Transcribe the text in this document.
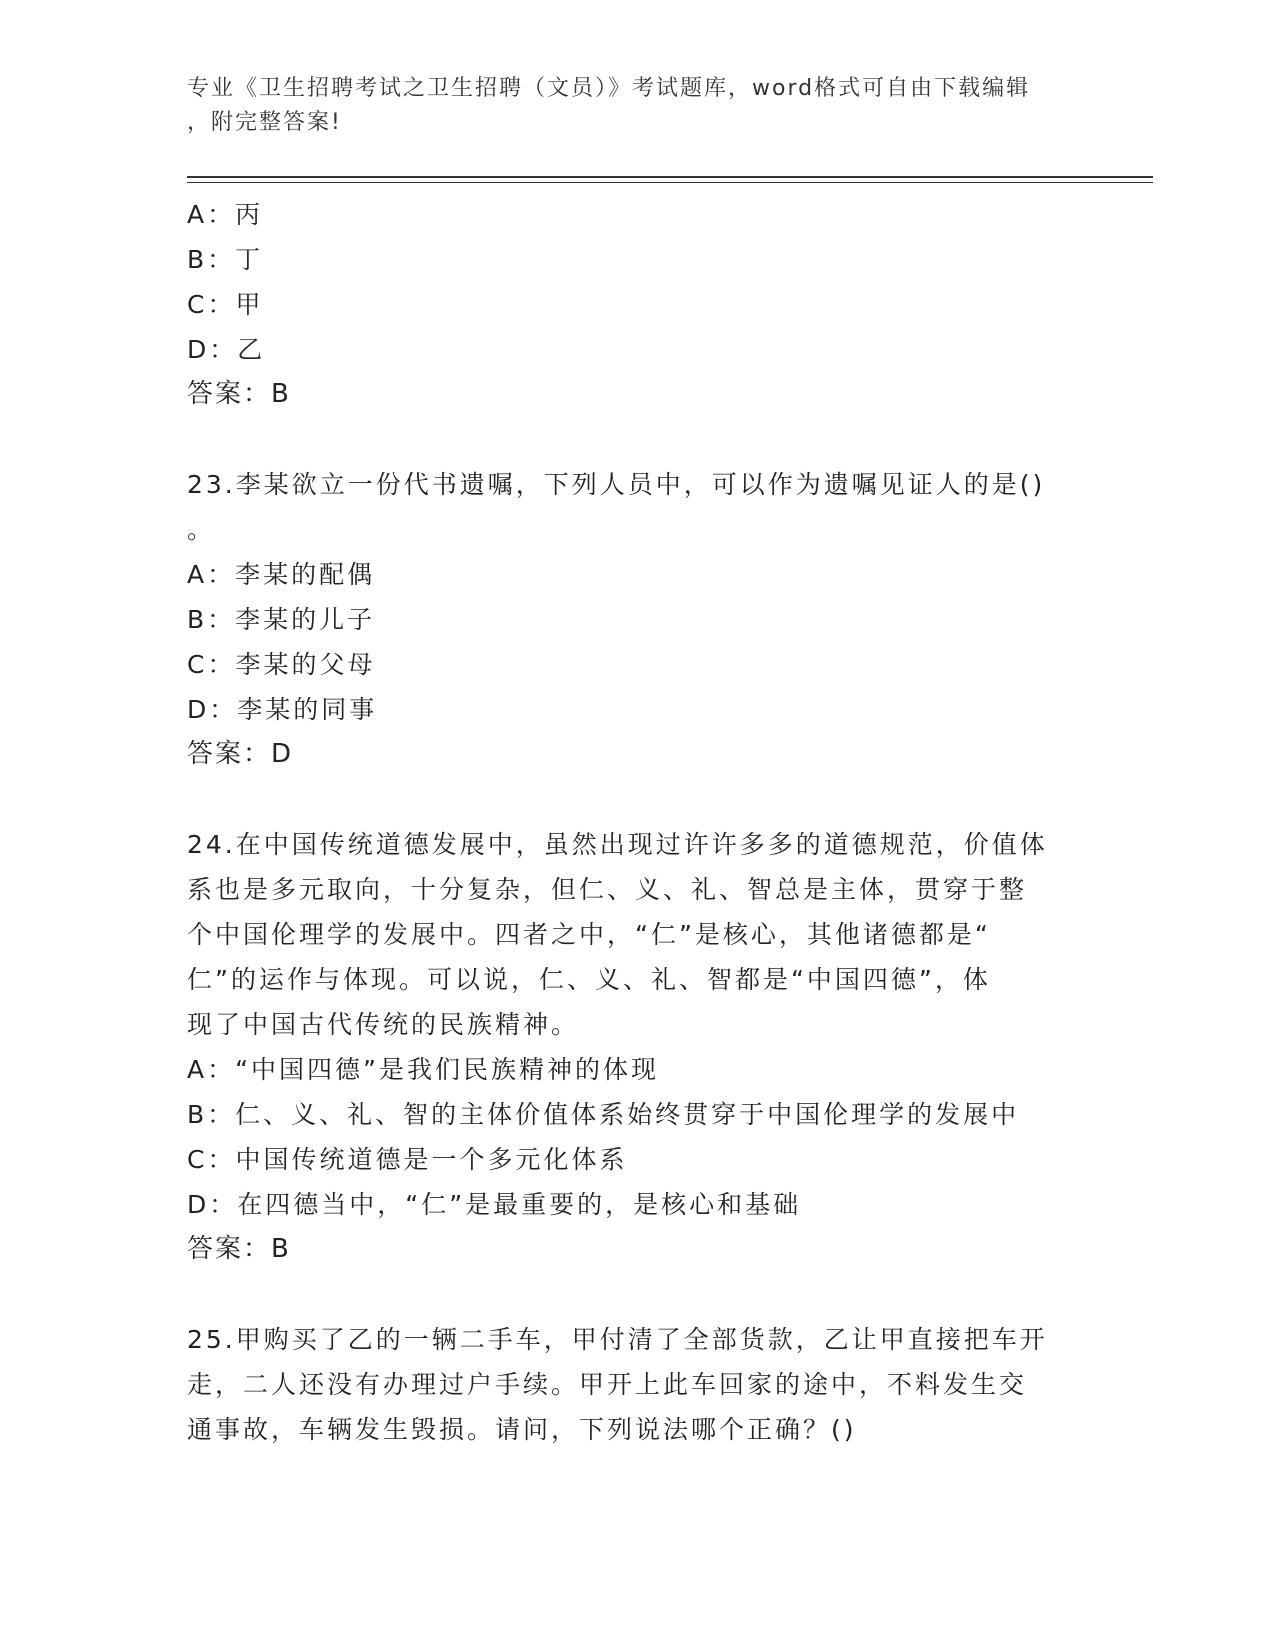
专业《卫生招聘考试之卫生招聘（文员）》考试题库，word格式可自由下载编辑
，附完整答案!
A：丙
B：丁
C：甲
D：乙
答案：B
23.李某欲立一份代书遗嘱，下列人员中，可以作为遗嘱见证人的是()
。
A：李某的配偶
B：李某的儿子
C：李某的父母
D：李某的同事
答案：D
24.在中国传统道德发展中，虽然出现过许许多多的道德规范，价值体
系也是多元取向，十分复杂，但仁、义、礼、智总是主体，贯穿于整
个中国伦理学的发展中。四者之中，“仁”是核心，其他诸德都是“
仁”的运作与体现。可以说，仁、义、礼、智都是“中国四德”，体
现了中国古代传统的民族精神。
A：“中国四德”是我们民族精神的体现
B：仁、义、礼、智的主体价值体系始终贯穿于中国伦理学的发展中
C：中国传统道德是一个多元化体系
D：在四德当中，“仁”是最重要的，是核心和基础
答案：B
25.甲购买了乙的一辆二手车，甲付清了全部货款，乙让甲直接把车开
走，二人还没有办理过户手续。甲开上此车回家的途中，不料发生交
通事故，车辆发生毁损。请问，下列说法哪个正确？()
